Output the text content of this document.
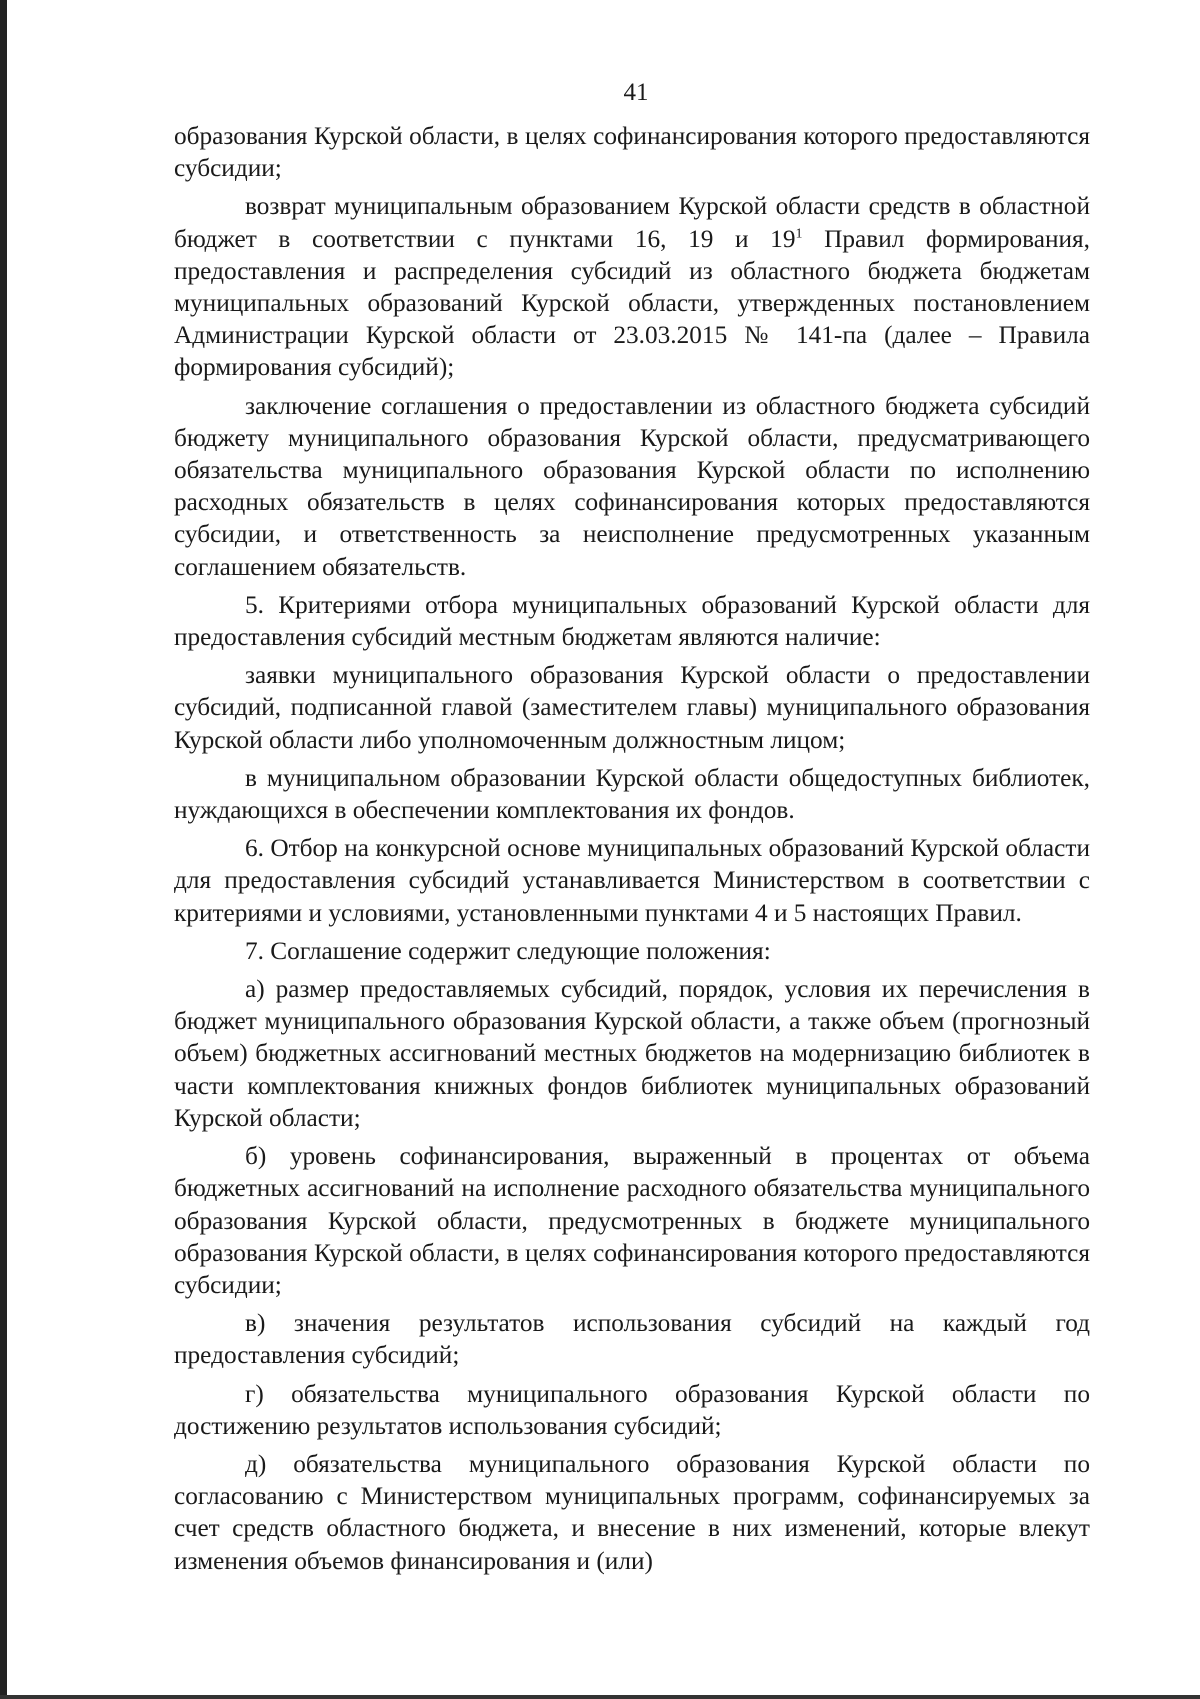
41

образования Курской области, в целях софинансирования которого предоставляются субсидии;

возврат муниципальным образованием Курской области средств в областной бюджет в соответствии с пунктами 16, 19 и $19^1$ Правил формирования, предоставления и распределения субсидий из областного бюджета бюджетам муниципальных образований Курской области, утвержденных постановлением Администрации Курской области от 23.03.2015 № 141-па (далее – Правила формирования субсидий);

заключение соглашения о предоставлении из областного бюджета субсидий бюджету муниципального образования Курской области, предусматривающего обязательства муниципального образования Курской области по исполнению расходных обязательств в целях софинансирования которых предоставляются субсидии, и ответственность за неисполнение предусмотренных указанным соглашением обязательств.

5. Критериями отбора муниципальных образований Курской области для предоставления субсидий местным бюджетам являются наличие:

заявки муниципального образования Курской области о предоставлении субсидий, подписанной главой (заместителем главы) муниципального образования Курской области либо уполномоченным должностным лицом;

в муниципальном образовании Курской области общедоступных библиотек, нуждающихся в обеспечении комплектования их фондов.

6. Отбор на конкурсной основе муниципальных образований Курской области для предоставления субсидий устанавливается Министерством в соответствии с критериями и условиями, установленными пунктами 4 и 5 настоящих Правил.

7. Соглашение содержит следующие положения:

а) размер предоставляемых субсидий, порядок, условия их перечисления в бюджет муниципального образования Курской области, а также объем (прогнозный объем) бюджетных ассигнований местных бюджетов на модернизацию библиотек в части комплектования книжных фондов библиотек муниципальных образований Курской области;

б) уровень софинансирования, выраженный в процентах от объема бюджетных ассигнований на исполнение расходного обязательства муниципального образования Курской области, предусмотренных в бюджете муниципального образования Курской области, в целях софинансирования которого предоставляются субсидии;

в) значения результатов использования субсидий на каждый год предоставления субсидий;

г) обязательства муниципального образования Курской области по достижению результатов использования субсидий;

д) обязательства муниципального образования Курской области по согласованию с Министерством муниципальных программ, софинансируемых за счет средств областного бюджета, и внесение в них изменений, которые влекут изменения объемов финансирования и (или)
